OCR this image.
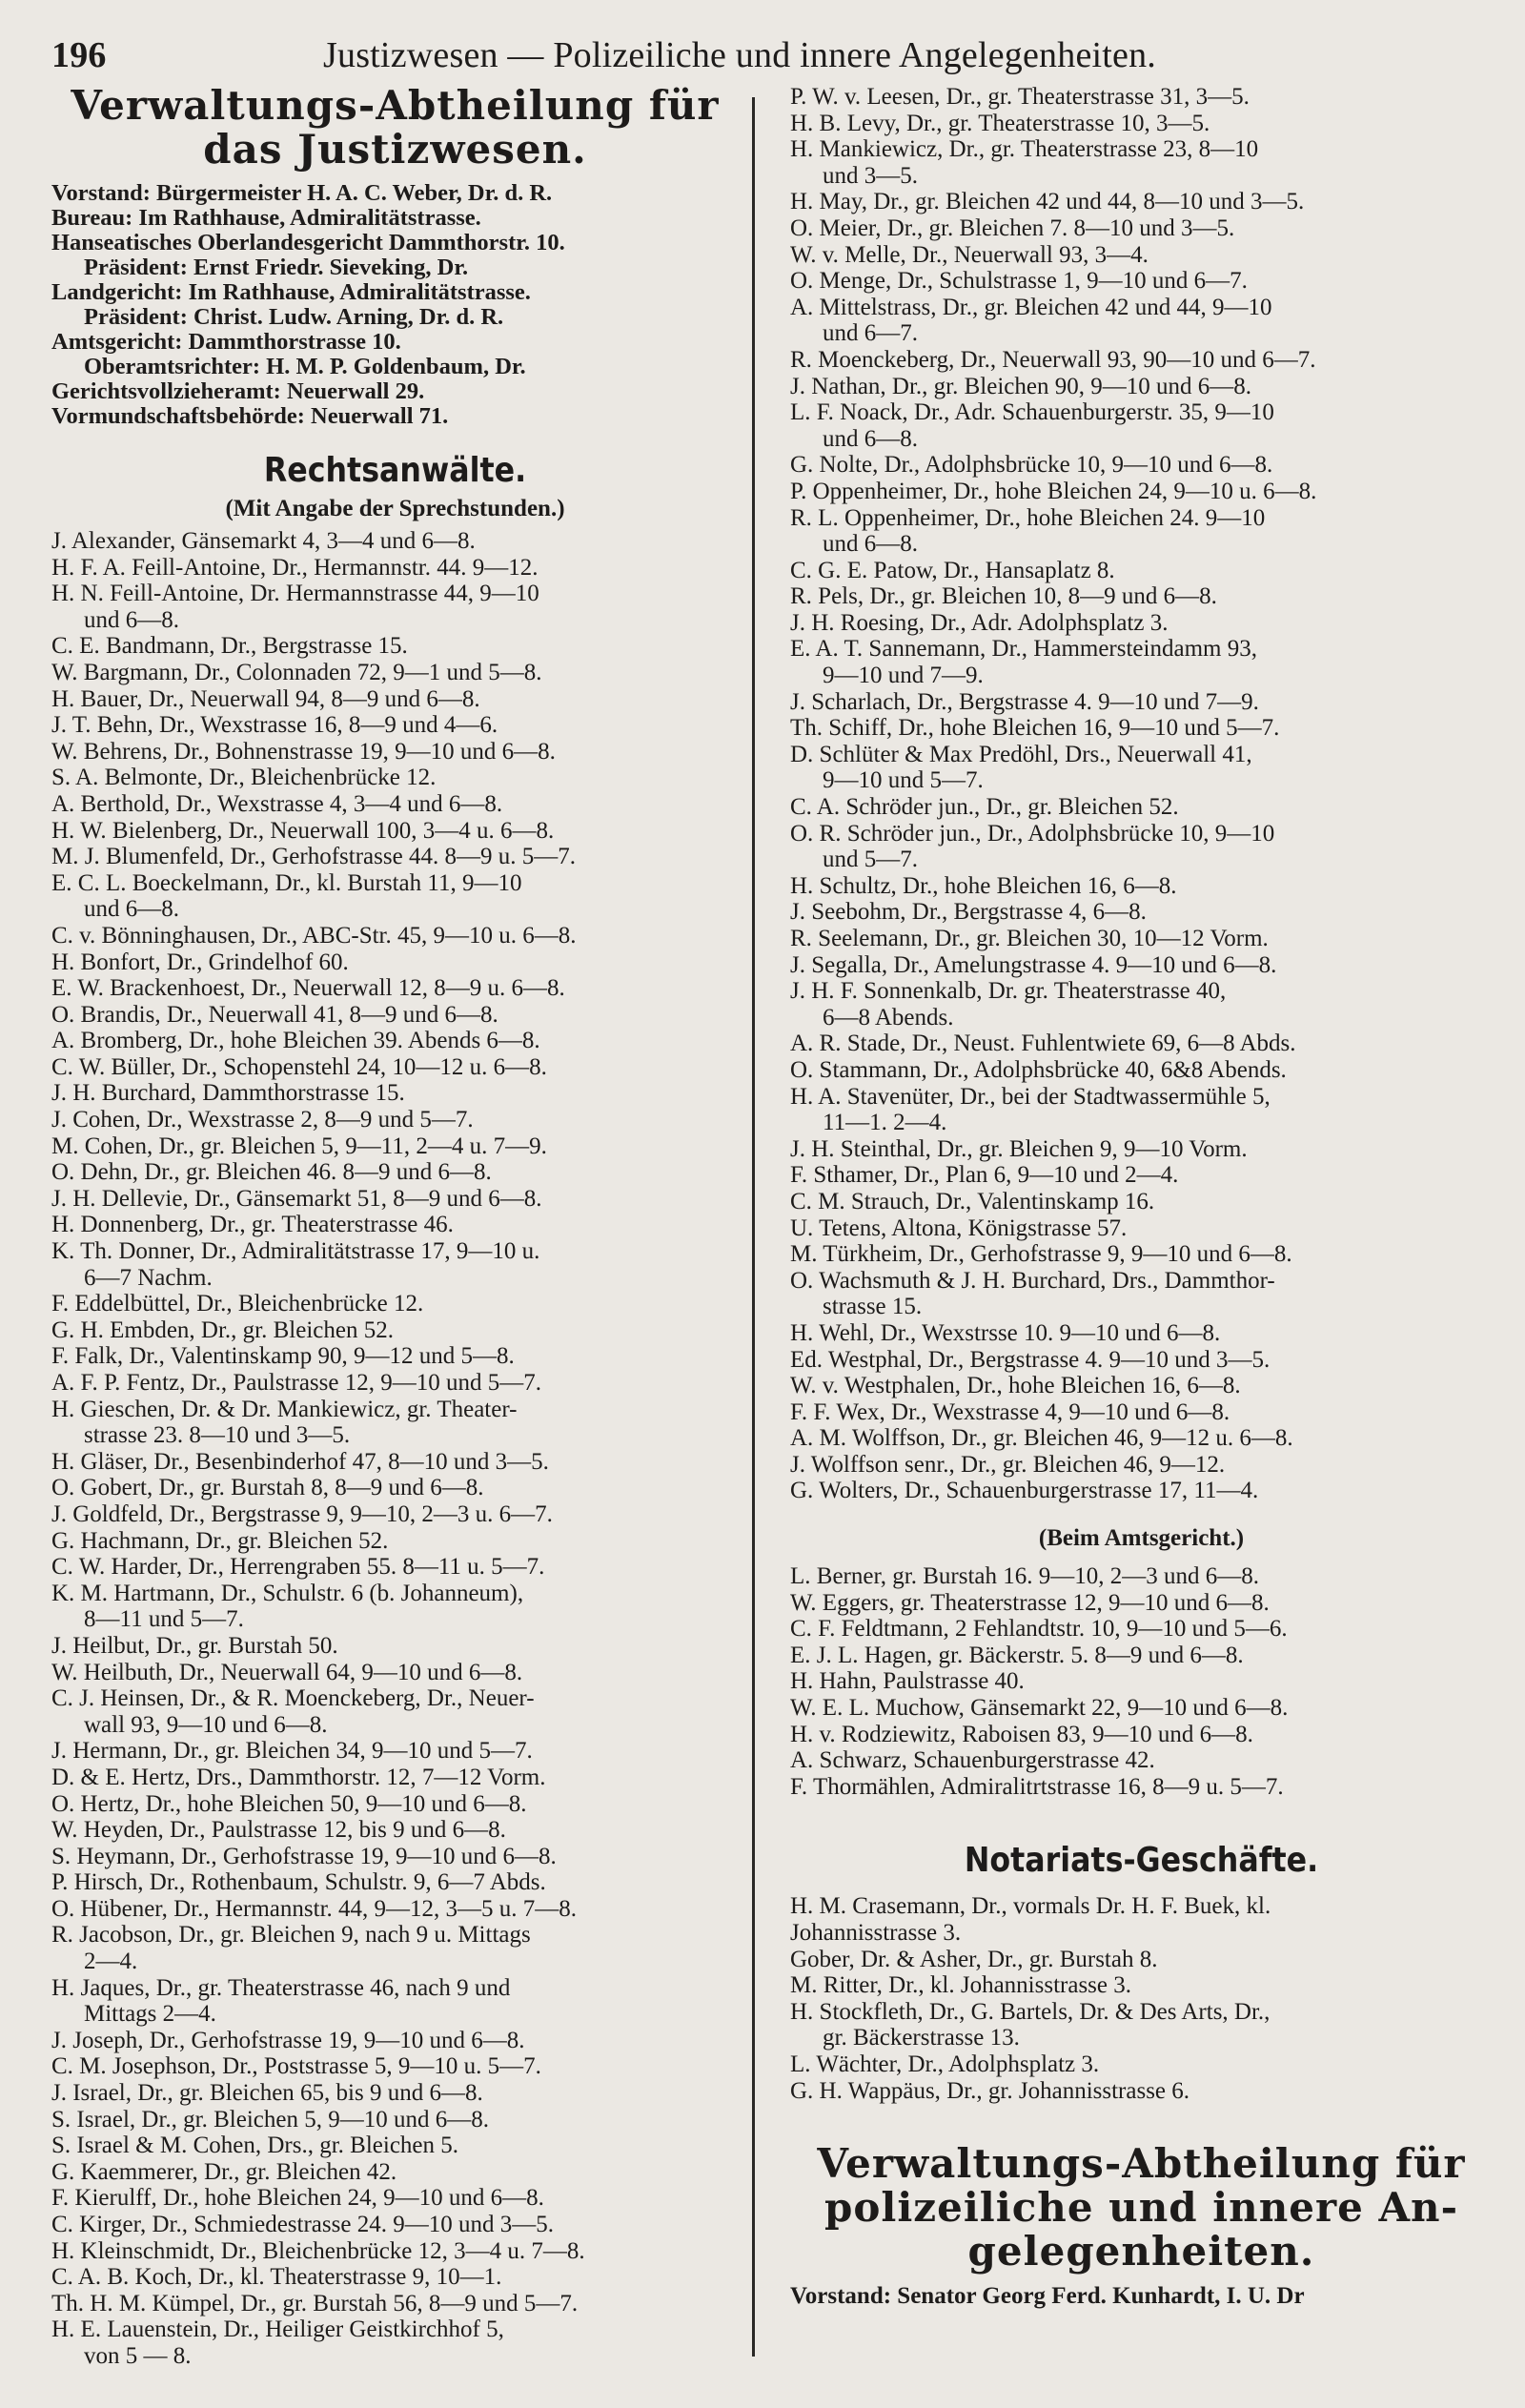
196	Justizwesen — Polizeiliche und innere Angelegenheiten.
Verwaltungs-Abtheilung für
das Justizwesen.
Vorstand: Bürgermeister H. A. C. Weber, Dr. d. R.
Bureau: Im Rathhause, Admiralitätstrasse.
Hanseatisches Oberlandesgericht Dammthorstr. 10.
Präsident: Ernst Friedr. Sieveking, Dr.
Landgericht: Im Rathhause, Admiralitätstrasse.
Präsident: Christ. Ludw. Arning, Dr. d. R.
Amtsgericht: Dammthorstrasse 10.
Oberamtsrichter: H. M. P. Goldenbaum, Dr.
Gerichtsvollzieheramt: Neuerwall 29.
Vormundschaftsbehörde: Neuerwall 71.
Rechtsanwälte.
(Mit Angabe der Sprechstunden.)
J. Alexander, Gänsemarkt 4, 3—4 und 6—8.
H. F. A. Feill-Antoine, Dr., Hermannstr. 44. 9—12.
H. N. Feill-Antoine, Dr. Hermannstrasse 44, 9—10
und 6—8.
C. E. Bandmann, Dr., Bergstrasse 15.
W. Bargmann, Dr., Colonnaden 72, 9—1 und 5—8.
H. Bauer, Dr., Neuerwall 94, 8—9 und 6—8.
J. T. Behn, Dr., Wexstrasse 16, 8—9 und 4—6.
W. Behrens, Dr., Bohnenstrasse 19, 9—10 und 6—8.
S. A. Belmonte, Dr., Bleichenbrücke 12.
A. Berthold, Dr., Wexstrasse 4, 3—4 und 6—8.
H. W. Bielenberg, Dr., Neuerwall 100, 3—4 u. 6—8.
M. J. Blumenfeld, Dr., Gerhofstrasse 44. 8—9 u. 5—7.
E. C. L. Boeckelmann, Dr., kl. Burstah 11, 9—10
und 6—8.
C. v. Bönninghausen, Dr., ABC-Str. 45, 9—10 u. 6—8.
H. Bonfort, Dr., Grindelhof 60.
E. W. Brackenhoest, Dr., Neuerwall 12, 8—9 u. 6—8.
O. Brandis, Dr., Neuerwall 41, 8—9 und 6—8.
A. Bromberg, Dr., hohe Bleichen 39. Abends 6—8.
C. W. Büller, Dr., Schopenstehl 24, 10—12 u. 6—8.
J. H. Burchard, Dammthorstrasse 15.
J. Cohen, Dr., Wexstrasse 2, 8—9 und 5—7.
M. Cohen, Dr., gr. Bleichen 5, 9—11, 2—4 u. 7—9.
O. Dehn, Dr., gr. Bleichen 46. 8—9 und 6—8.
J. H. Dellevie, Dr., Gänsemarkt 51, 8—9 und 6—8.
H. Donnenberg, Dr., gr. Theaterstrasse 46.
K. Th. Donner, Dr., Admiralitätstrasse 17, 9—10 u.
6—7 Nachm.
F. Eddelbüttel, Dr., Bleichenbrücke 12.
G. H. Embden, Dr., gr. Bleichen 52.
F. Falk, Dr., Valentinskamp 90, 9—12 und 5—8.
A. F. P. Fentz, Dr., Paulstrasse 12, 9—10 und 5—7.
H. Gieschen, Dr. & Dr. Mankiewicz, gr. Theater-
strasse 23. 8—10 und 3—5.
H. Gläser, Dr., Besenbinderhof 47, 8—10 und 3—5.
O. Gobert, Dr., gr. Burstah 8, 8—9 und 6—8.
J. Goldfeld, Dr., Bergstrasse 9, 9—10, 2—3 u. 6—7.
G. Hachmann, Dr., gr. Bleichen 52.
C. W. Harder, Dr., Herrengraben 55. 8—11 u. 5—7.
K. M. Hartmann, Dr., Schulstr. 6 (b. Johanneum),
8—11 und 5—7.
J. Heilbut, Dr., gr. Burstah 50.
W. Heilbuth, Dr., Neuerwall 64, 9—10 und 6—8.
C. J. Heinsen, Dr., & R. Moenckeberg, Dr., Neuer-
wall 93, 9—10 und 6—8.
J. Hermann, Dr., gr. Bleichen 34, 9—10 und 5—7.
D. & E. Hertz, Drs., Dammthorstr. 12, 7—12 Vorm.
O. Hertz, Dr., hohe Bleichen 50, 9—10 und 6—8.
W. Heyden, Dr., Paulstrasse 12, bis 9 und 6—8.
S. Heymann, Dr., Gerhofstrasse 19, 9—10 und 6—8.
P. Hirsch, Dr., Rothenbaum, Schulstr. 9, 6—7 Abds.
O. Hübener, Dr., Hermannstr. 44, 9—12, 3—5 u. 7—8.
R. Jacobson, Dr., gr. Bleichen 9, nach 9 u. Mittags
2—4.
H. Jaques, Dr., gr. Theaterstrasse 46, nach 9 und
Mittags 2—4.
J. Joseph, Dr., Gerhofstrasse 19, 9—10 und 6—8.
C. M. Josephson, Dr., Poststrasse 5, 9—10 u. 5—7.
J. Israel, Dr., gr. Bleichen 65, bis 9 und 6—8.
S. Israel, Dr., gr. Bleichen 5, 9—10 und 6—8.
S. Israel & M. Cohen, Drs., gr. Bleichen 5.
G. Kaemmerer, Dr., gr. Bleichen 42.
F. Kierulff, Dr., hohe Bleichen 24, 9—10 und 6—8.
C. Kirger, Dr., Schmiedestrasse 24. 9—10 und 3—5.
H. Kleinschmidt, Dr., Bleichenbrücke 12, 3—4 u. 7—8.
C. A. B. Koch, Dr., kl. Theaterstrasse 9, 10—1.
Th. H. M. Kümpel, Dr., gr. Burstah 56, 8—9 und 5—7.
H. E. Lauenstein, Dr., Heiliger Geistkirchhof 5,
von 5 — 8.
P. W. v. Leesen, Dr., gr. Theaterstrasse 31, 3—5.
H. B. Levy, Dr., gr. Theaterstrasse 10, 3—5.
H. Mankiewicz, Dr., gr. Theaterstrasse 23, 8—10
und 3—5.
H. May, Dr., gr. Bleichen 42 und 44, 8—10 und 3—5.
O. Meier, Dr., gr. Bleichen 7. 8—10 und 3—5.
W. v. Melle, Dr., Neuerwall 93, 3—4.
O. Menge, Dr., Schulstrasse 1, 9—10 und 6—7.
A. Mittelstrass, Dr., gr. Bleichen 42 und 44, 9—10
und 6—7.
R. Moenckeberg, Dr., Neuerwall 93, 90—10 und 6—7.
J. Nathan, Dr., gr. Bleichen 90, 9—10 und 6—8.
L. F. Noack, Dr., Adr. Schauenburgerstr. 35, 9—10
und 6—8.
G. Nolte, Dr., Adolphsbrücke 10, 9—10 und 6—8.
P. Oppenheimer, Dr., hohe Bleichen 24, 9—10 u. 6—8.
R. L. Oppenheimer, Dr., hohe Bleichen 24. 9—10
und 6—8.
C. G. E. Patow, Dr., Hansaplatz 8.
R. Pels, Dr., gr. Bleichen 10, 8—9 und 6—8.
J. H. Roesing, Dr., Adr. Adolphsplatz 3.
E. A. T. Sannemann, Dr., Hammersteindamm 93,
9—10 und 7—9.
J. Scharlach, Dr., Bergstrasse 4. 9—10 und 7—9.
Th. Schiff, Dr., hohe Bleichen 16, 9—10 und 5—7.
D. Schlüter & Max Predöhl, Drs., Neuerwall 41,
9—10 und 5—7.
C. A. Schröder jun., Dr., gr. Bleichen 52.
O. R. Schröder jun., Dr., Adolphsbrücke 10, 9—10
und 5—7.
H. Schultz, Dr., hohe Bleichen 16, 6—8.
J. Seebohm, Dr., Bergstrasse 4, 6—8.
R. Seelemann, Dr., gr. Bleichen 30, 10—12 Vorm.
J. Segalla, Dr., Amelungstrasse 4. 9—10 und 6—8.
J. H. F. Sonnenkalb, Dr. gr. Theaterstrasse 40,
6—8 Abends.
A. R. Stade, Dr., Neust. Fuhlentwiete 69, 6—8 Abds.
O. Stammann, Dr., Adolphsbrücke 40, 6&8 Abends.
H. A. Stavenüter, Dr., bei der Stadtwassermühle 5,
11—1. 2—4.
J. H. Steinthal, Dr., gr. Bleichen 9, 9—10 Vorm.
F. Sthamer, Dr., Plan 6, 9—10 und 2—4.
C. M. Strauch, Dr., Valentinskamp 16.
U. Tetens, Altona, Königstrasse 57.
M. Türkheim, Dr., Gerhofstrasse 9, 9—10 und 6—8.
O. Wachsmuth & J. H. Burchard, Drs., Dammthor-
strasse 15.
H. Wehl, Dr., Wexstrsse 10. 9—10 und 6—8.
Ed. Westphal, Dr., Bergstrasse 4. 9—10 und 3—5.
W. v. Westphalen, Dr., hohe Bleichen 16, 6—8.
F. F. Wex, Dr., Wexstrasse 4, 9—10 und 6—8.
A. M. Wolffson, Dr., gr. Bleichen 46, 9—12 u. 6—8.
J. Wolffson senr., Dr., gr. Bleichen 46, 9—12.
G. Wolters, Dr., Schauenburgerstrasse 17, 11—4.
(Beim Amtsgericht.)
L. Berner, gr. Burstah 16. 9—10, 2—3 und 6—8.
W. Eggers, gr. Theaterstrasse 12, 9—10 und 6—8.
C. F. Feldtmann, 2 Fehlandtstr. 10, 9—10 und 5—6.
E. J. L. Hagen, gr. Bäckerstr. 5. 8—9 und 6—8.
H. Hahn, Paulstrasse 40.
W. E. L. Muchow, Gänsemarkt 22, 9—10 und 6—8.
H. v. Rodziewitz, Raboisen 83, 9—10 und 6—8.
A. Schwarz, Schauenburgerstrasse 42.
F. Thormählen, Admiralitrtstrasse 16, 8—9 u. 5—7.
Notariats-Geschäfte.
H. M. Crasemann, Dr., vormals Dr. H. F. Buek, kl.
Johannisstrasse 3.
Gober, Dr. & Asher, Dr., gr. Burstah 8.
M. Ritter, Dr., kl. Johannisstrasse 3.
H. Stockfleth, Dr., G. Bartels, Dr. & Des Arts, Dr.,
gr. Bäckerstrasse 13.
L. Wächter, Dr., Adolphsplatz 3.
G. H. Wappäus, Dr., gr. Johannisstrasse 6.
Verwaltungs-Abtheilung für
polizeiliche und innere An-
gelegenheiten.
Vorstand: Senator Georg Ferd. Kunhardt, I. U. Dr
